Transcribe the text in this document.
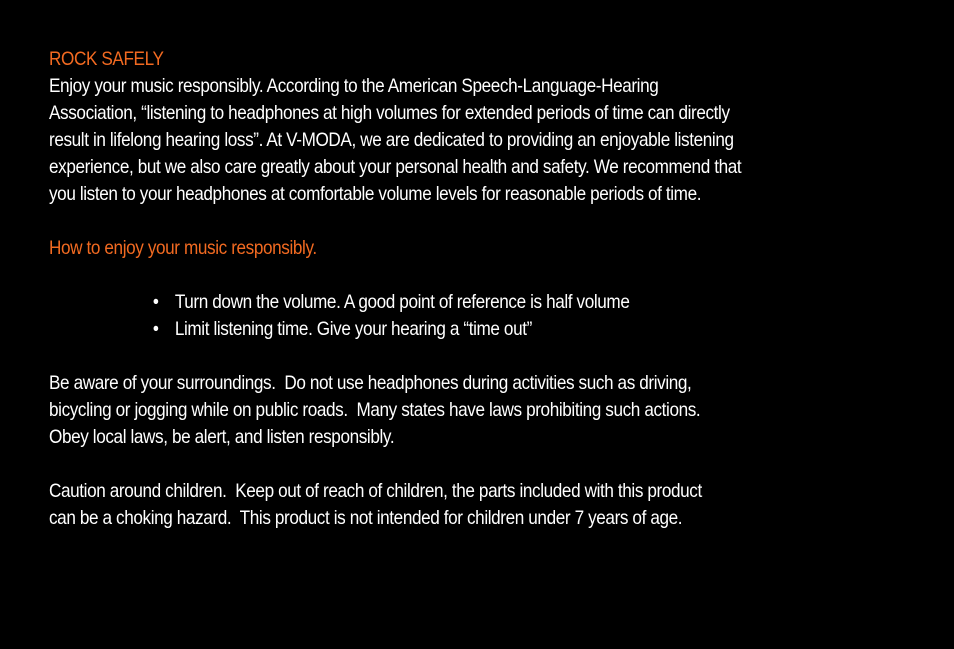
ROCK SAFELY
Enjoy your music responsibly. According to the American Speech-Language-Hearing
Association, “listening to headphones at high volumes for extended periods of time can directly
result in lifelong hearing loss”. At V-MODA, we are dedicated to providing an enjoyable listening
experience, but we also care greatly about your personal health and safety. We recommend that
you listen to your headphones at comfortable volume levels for reasonable periods of time.
How to enjoy your music responsibly.
• Turn down the volume. A good point of reference is half volume
• Limit listening time. Give your hearing a “time out”
Be aware of your surroundings.  Do not use headphones during activities such as driving,
bicycling or jogging while on public roads.  Many states have laws prohibiting such actions.
Obey local laws, be alert, and listen responsibly.
Caution around children.  Keep out of reach of children, the parts included with this product
can be a choking hazard.  This product is not intended for children under 7 years of age.
